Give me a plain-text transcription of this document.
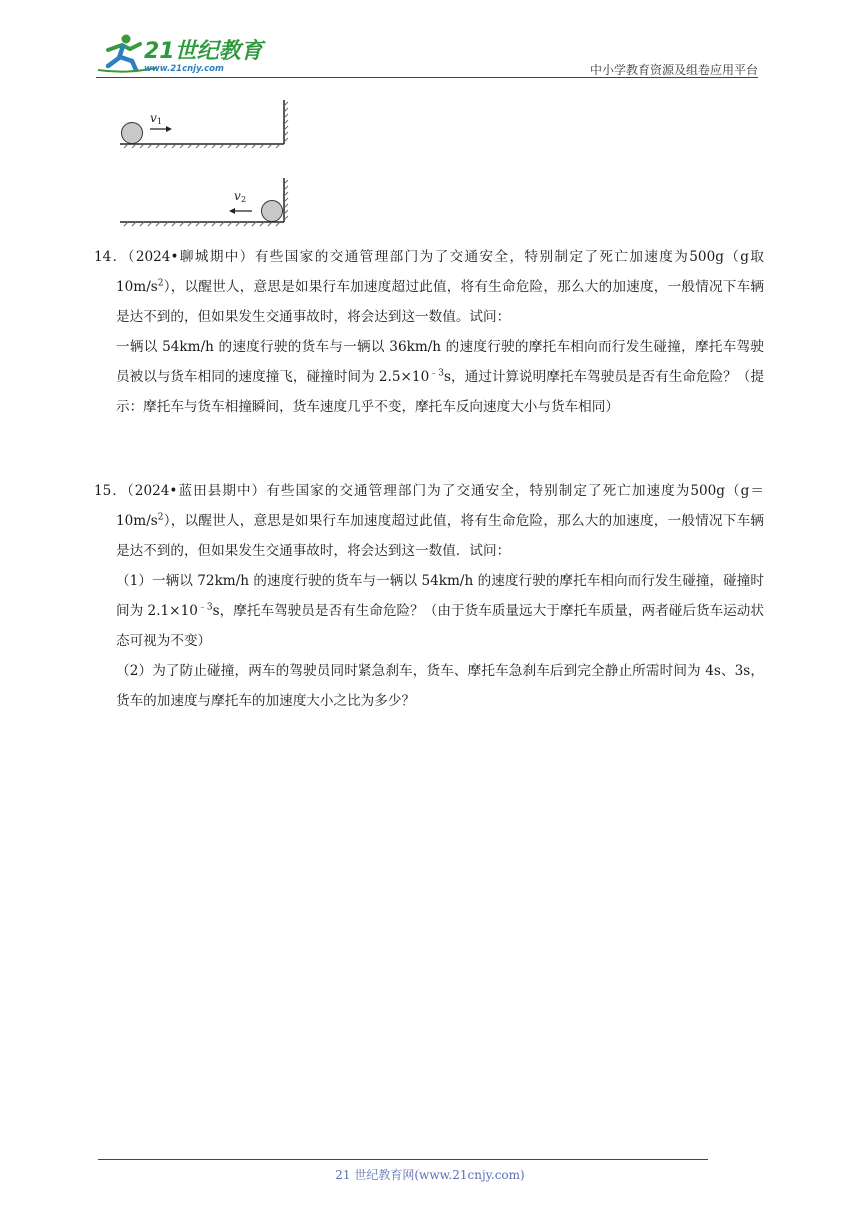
21世纪教育
www.21cnjy.com	中小学教育资源及组卷应用平台
v 1
v 2

14．（2024•聊城期中）有些国家的交通管理部门为了交通安全，特别制定了死亡加速度为500g（g取 $10m/s^2$），以醒世人，意思是如果行车加速度超过此值，将有生命危险，那么大的加速度，一般情况下车辆是达不到的，但如果发生交通事故时，将会达到这一数值。试问：

一辆以 54km/h 的速度行驶的货车与一辆以 36km/h 的速度行驶的摩托车相向而行发生碰撞，摩托车驾驶员被以与货车相同的速度撞飞，碰撞时间为 $2.5\times 10^{﹣3}s$，通过计算说明摩托车驾驶员是否有生命危险？（提示：摩托车与货车相撞瞬间，货车速度几乎不变，摩托车反向速度大小与货车相同）

15．（2024•蓝田县期中）有些国家的交通管理部门为了交通安全，特别制定了死亡加速度为$500g(g=10m/s^2)$，以醒世人，意思是如果行车加速度超过此值，将有生命危险，那么大的加速度，一般情况下车辆是达不到的，但如果发生交通事故时，将会达到这一数值．试问：

（1）一辆以 72km/h 的速度行驶的货车与一辆以 54km/h 的速度行驶的摩托车相向而行发生碰撞，碰撞时间为 $2.1\times 10^{﹣3}s$，摩托车驾驶员是否有生命危险？（由于货车质量远大于摩托车质量，两者碰后货车运动状态可视为不变）

（2）为了防止碰撞，两车的驾驶员同时紧急刹车，货车、摩托车急刹车后到完全静止所需时间为 4s、3s，货车的加速度与摩托车的加速度大小之比为多少？

21 世纪教育网(www.21cnjy.com)
